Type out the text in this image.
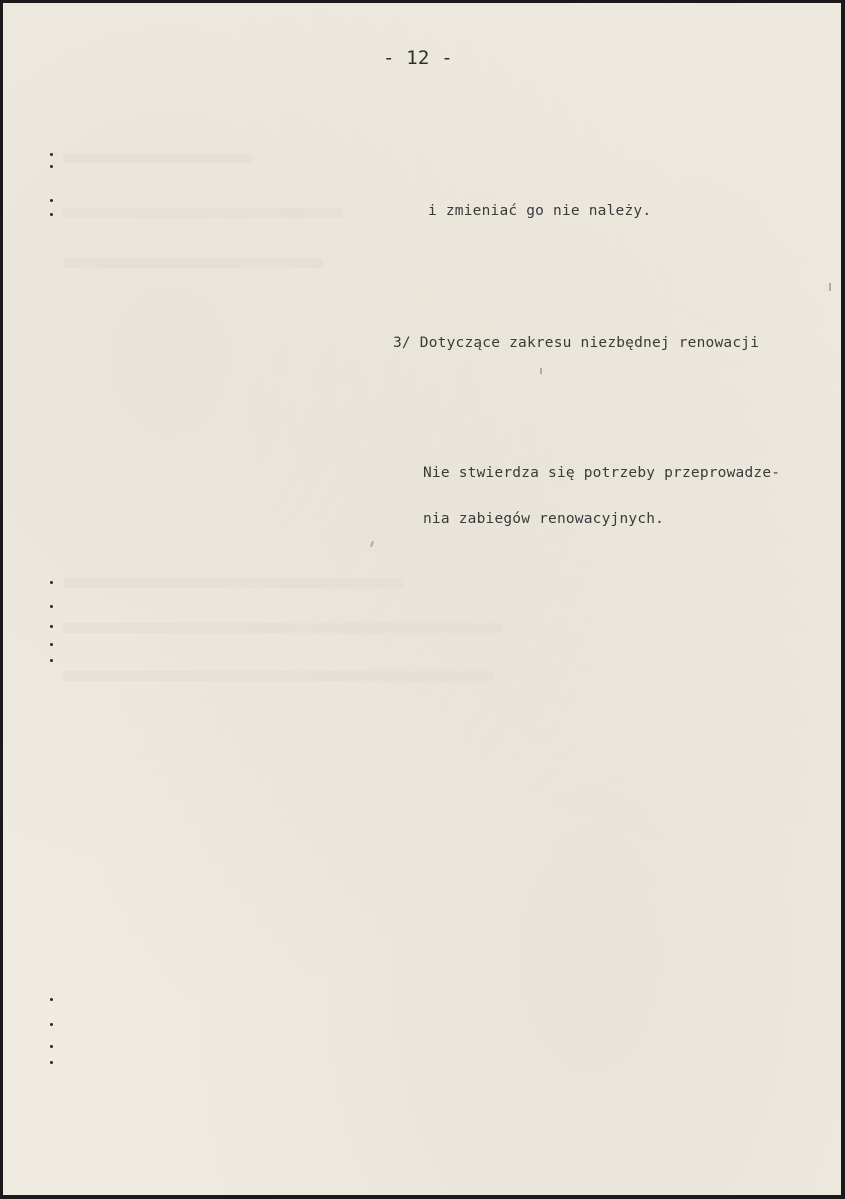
- 12 -
i zmieniać go nie należy.
3/ Dotyczące zakresu niezbędnej renowacji
Nie stwierdza się potrzeby przeprowadze-
nia zabiegów renowacyjnych.
